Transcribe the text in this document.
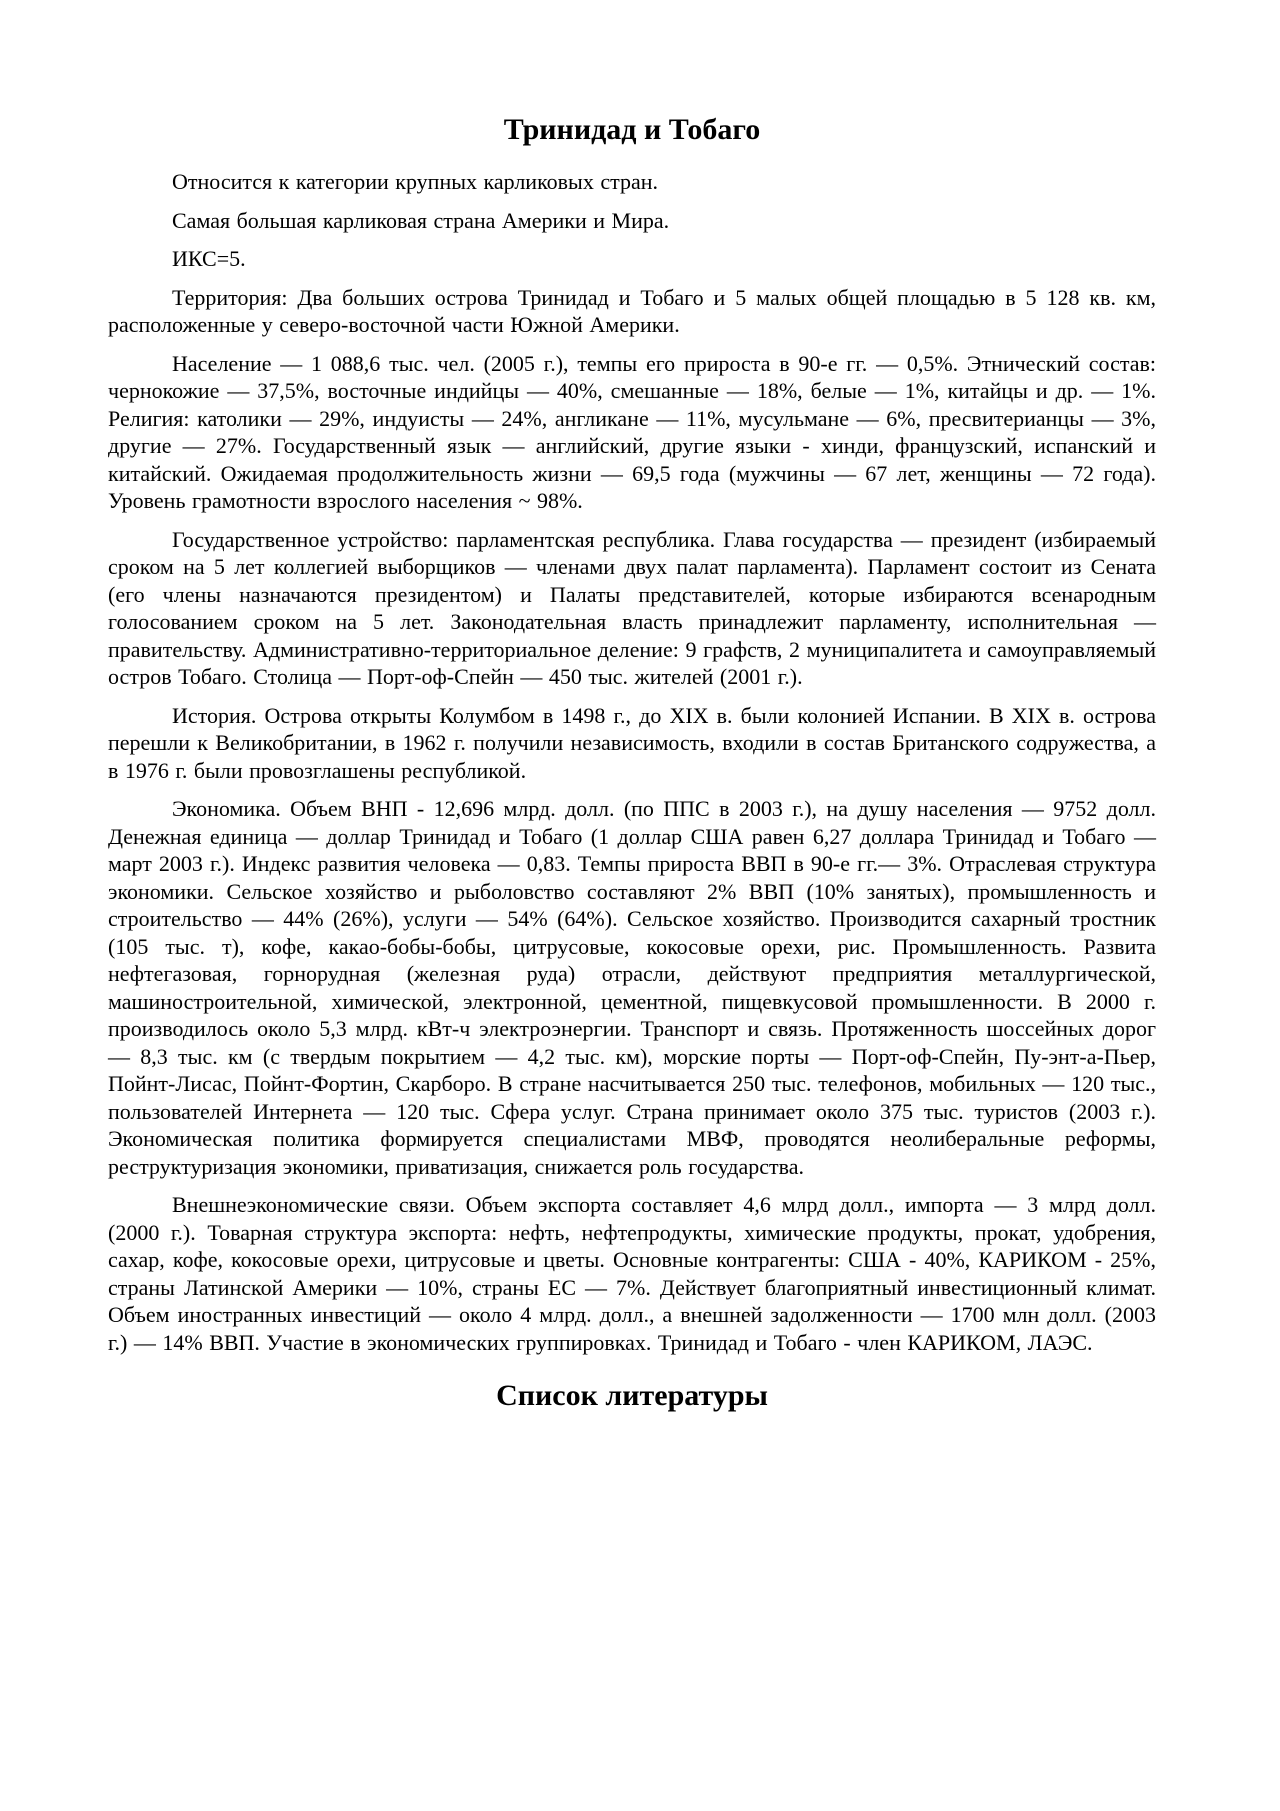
Тринидад и Тобаго

Относится к категории крупных карликовых стран.

Самая большая карликовая страна Америки и Мира.

ИКС=5.

Территория: Два больших острова Тринидад и Тобаго и 5 малых общей площадью в 5 128 кв. км, расположенные у северо-восточной части Южной Америки.

Население — 1 088,6 тыс. чел. (2005 г.), темпы его прироста в 90-е гг. — 0,5%. Этнический состав: чернокожие — 37,5%, восточные индийцы — 40%, смешанные — 18%, белые — 1%, китайцы и др. — 1%. Религия: католики — 29%, индуисты — 24%, англикане — 11%, мусульмане — 6%, пресвитерианцы — 3%, другие — 27%. Государственный язык — английский, другие языки - хинди, французский, испанский и китайский. Ожидаемая продолжительность жизни — 69,5 года (мужчины — 67 лет, женщины — 72 года). Уровень грамотности взрослого населения ~ 98%.

Государственное устройство: парламентская республика. Глава государства — президент (избираемый сроком на 5 лет коллегией выборщиков — членами двух палат парламента). Парламент состоит из Сената (его члены назначаются президентом) и Палаты представителей, которые избираются всенародным голосованием сроком на 5 лет. Законодательная власть принадлежит парламенту, исполнительная — правительству. Административно-территориальное деление: 9 графств, 2 муниципалитета и самоуправляемый остров Тобаго. Столица — Порт-оф-Спейн — 450 тыс. жителей (2001 г.).

История. Острова открыты Колумбом в 1498 г., до XIX в. были колонией Испании. В XIX в. острова перешли к Великобритании, в 1962 г. получили независимость, входили в состав Британского содружества, а в 1976 г. были провозглашены республикой.

Экономика. Объем ВНП - 12,696 млрд. долл. (по ППС в 2003 г.), на душу населения — 9752 долл. Денежная единица — доллар Тринидад и Тобаго (1 доллар США равен 6,27 доллара Тринидад и Тобаго — март 2003 г.). Индекс развития человека — 0,83. Темпы прироста ВВП в 90-е гг.— 3%. Отраслевая структура экономики. Сельское хозяйство и рыболовство составляют 2% ВВП (10% занятых), промышленность и строительство — 44% (26%), услуги — 54% (64%). Сельское хозяйство. Производится сахарный тростник (105 тыс. т), кофе, какао-бобы-бобы, цитрусовые, кокосовые орехи, рис. Промышленность. Развита нефтегазовая, горнорудная (железная руда) отрасли, действуют предприятия металлургической, машиностроительной, химической, электронной, цементной, пищевкусовой промышленности. В 2000 г. производилось около 5,3 млрд. кВт-ч электроэнергии. Транспорт и связь. Протяженность шоссейных дорог — 8,3 тыс. км (с твердым покрытием — 4,2 тыс. км), морские порты — Порт-оф-Спейн, Пу-энт-а-Пьер, Пойнт-Лисас, Пойнт-Фортин, Скарборо. В стране насчитывается 250 тыс. телефонов, мобильных — 120 тыс., пользователей Интернета — 120 тыс. Сфера услуг. Страна принимает около 375 тыс. туристов (2003 г.). Экономическая политика формируется специалистами МВФ, проводятся неолиберальные реформы, реструктуризация экономики, приватизация, снижается роль государства.

Внешнеэкономические связи. Объем экспорта составляет 4,6 млрд долл., импорта — 3 млрд долл. (2000 г.). Товарная структура экспорта: нефть, нефтепродукты, химические продукты, прокат, удобрения, сахар, кофе, кокосовые орехи, цитрусовые и цветы. Основные контрагенты: США - 40%, КАРИКОМ - 25%, страны Латинской Америки — 10%, страны ЕС — 7%. Действует благоприятный инвестиционный климат. Объем иностранных инвестиций — около 4 млрд. долл., а внешней задолженности — 1700 млн долл. (2003 г.) — 14% ВВП. Участие в экономических группировках. Тринидад и Тобаго - член КАРИКОМ, ЛАЭС.

Список литературы
